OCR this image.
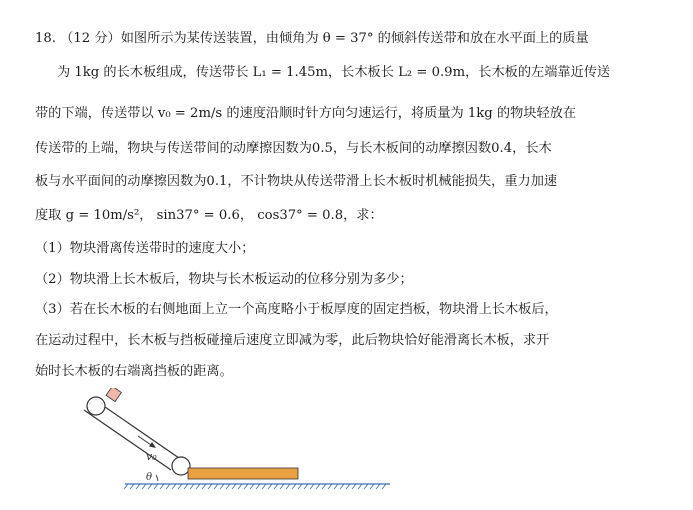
18. （12 分）如图所示为某传送装置，由倾角为 θ = 37° 的倾斜传送带和放在水平面上的质量
为 1kg 的长木板组成，传送带长 L₁ = 1.45m，长木板长 L₂ = 0.9m，长木板的左端靠近传送
带的下端，传送带以 v₀ = 2m/s 的速度沿顺时针方向匀速运行，将质量为 1kg 的物块轻放在
传送带的上端，物块与传送带间的动摩擦因数为0.5，与长木板间的动摩擦因数0.4，长木
板与水平面间的动摩擦因数为0.1，不计物块从传送带滑上长木板时机械能损失，重力加速
度取 g = 10m/s²， sin37° = 0.6， cos37° = 0.8，求：
（1）物块滑离传送带时的速度大小；
（2）物块滑上长木板后，物块与长木板运动的位移分别为多少；
（3）若在长木板的右侧地面上立一个高度略小于板厚度的固定挡板，物块滑上长木板后，
在运动过程中，长木板与挡板碰撞后速度立即减为零，此后物块恰好能滑离长木板，求开
始时长木板的右端离挡板的距离。
v₀
θ
